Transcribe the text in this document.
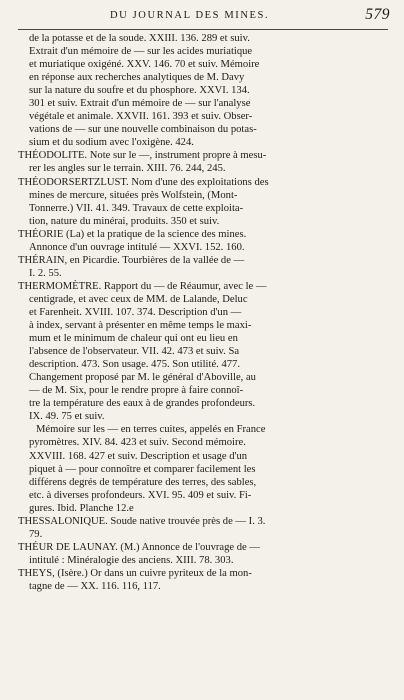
DU JOURNAL DES MINES.	579
de la potasse et de la soude. XXIII. 136. 289 et suiv.
Extrait d'un mémoire de — sur les acides muriatique
et muriatique oxigéné. XXV. 146. 70 et suiv. Mémoire
en réponse aux recherches analytiques de M. Davy
sur la nature du soufre et du phosphore. XXVI. 134.
301 et suiv. Extrait d'un mémoire de — sur l'analyse
végétale et animale. XXVII. 161. 393 et suiv. Obser-
vations de — sur une nouvelle combinaison du potas-
sium et du sodium avec l'oxigène. 424.
THÉODOLITE. Note sur le —, instrument propre à mesu-
rer les angles sur le terrain. XIII. 76. 244, 245.
THÉODORSERTZLUST. Nom d'une des exploitations des
mines de mercure, situées près Wolfstein, (Mont-
Tonnerre.) VII. 41. 349. Travaux de cette exploita-
tion, nature du minérai, produits. 350 et suiv.
THÉORIE (La) et la pratique de la science des mines.
Annonce d'un ouvrage intitulé — XXVI. 152. 160.
THÉRAIN, en Picardie. Tourbières de la vallée de —
I. 2. 55.
THERMOMÈTRE. Rapport du — de Réaumur, avec le —
centigrade, et avec ceux de MM. de Lalande, Deluc
et Farenheit. XVIII. 107. 374. Description d'un —
à index, servant à présenter en même temps le maxi-
mum et le minimum de chaleur qui ont eu lieu en
l'absence de l'observateur. VII. 42. 473 et suiv. Sa
description. 473. Son usage. 475. Son utilité. 477.
Changement proposé par M. le général d'Aboville, au
— de M. Six, pour le rendre propre à faire connoî-
tre la température des eaux à de grandes profondeurs.
IX. 49. 75 et suiv.
Mémoire sur les — en terres cuites, appelés en France
pyromètres. XIV. 84. 423 et suiv. Second mémoire.
XXVIII. 168. 427 et suiv. Description et usage d'un
piquet à — pour connoître et comparer facilement les
différens degrés de température des terres, des sables,
etc. à diverses profondeurs. XVI. 95. 409 et suiv. Fi-
gures. Ibid. Planche 12.e
THESSALONIQUE. Soude native trouvée près de — I. 3.
79.
THÉUR DE LAUNAY. (M.) Annonce de l'ouvrage de —
intitulé : Minéralogie des anciens. XIII. 78. 303.
THEYS, (Isère.) Or dans un cuivre pyriteux de la mon-
tagne de — XX. 116. 116, 117.
